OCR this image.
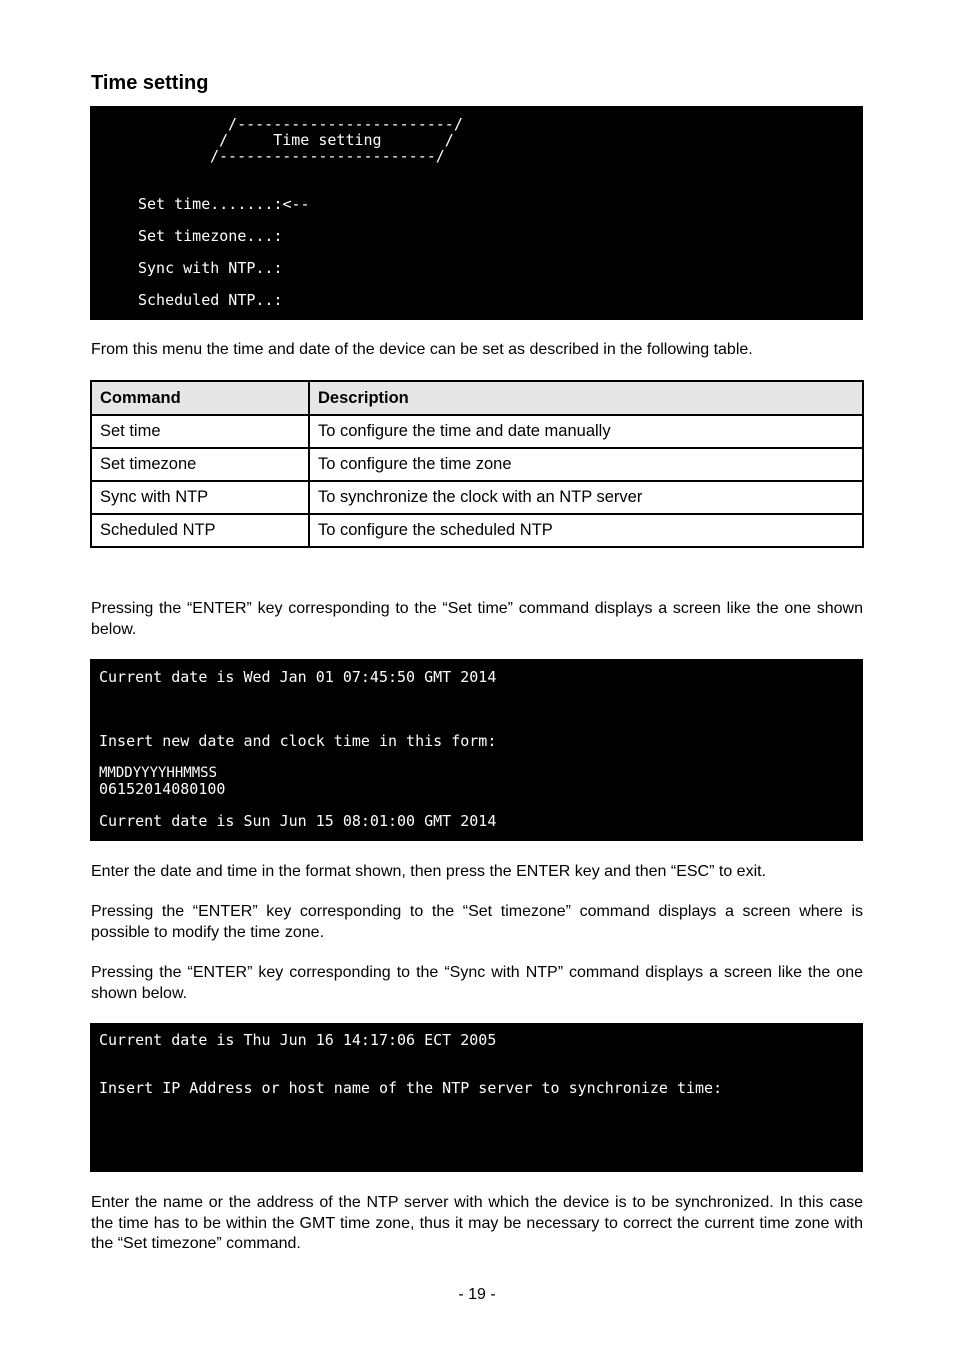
Time setting
/------------------------/
/     Time setting       /
/------------------------/
Set time.......:<--
Set timezone...:
Sync with NTP..:
Scheduled NTP..:
From this menu the time and date of the device can be set as described in the following table.
Command	Description
Set time	To configure the time and date manually
Set timezone	To configure the time zone
Sync with NTP	To synchronize the clock with an NTP server
Scheduled NTP	To configure the scheduled NTP
Pressing the “ENTER” key corresponding to the “Set time” command displays a screen like the one shown below.
Current date is Wed Jan 01 07:45:50 GMT 2014
Insert new date and clock time in this form:
MMDDYYYYHHMMSS
06152014080100
Current date is Sun Jun 15 08:01:00 GMT 2014
Enter the date and time in the format shown, then press the ENTER key and then “ESC” to exit.
Pressing the “ENTER” key corresponding to the “Set timezone” command displays a screen where is possible to modify the time zone.
Pressing the “ENTER” key corresponding to the “Sync with NTP” command displays a screen like the one shown below.
Current date is Thu Jun 16 14:17:06 ECT 2005
Insert IP Address or host name of the NTP server to synchronize time:
Enter the name or the address of the NTP server with which the device is to be synchronized. In this case the time has to be within the GMT time zone, thus it may be necessary to correct the current time zone with the “Set timezone” command.
- 19 -
